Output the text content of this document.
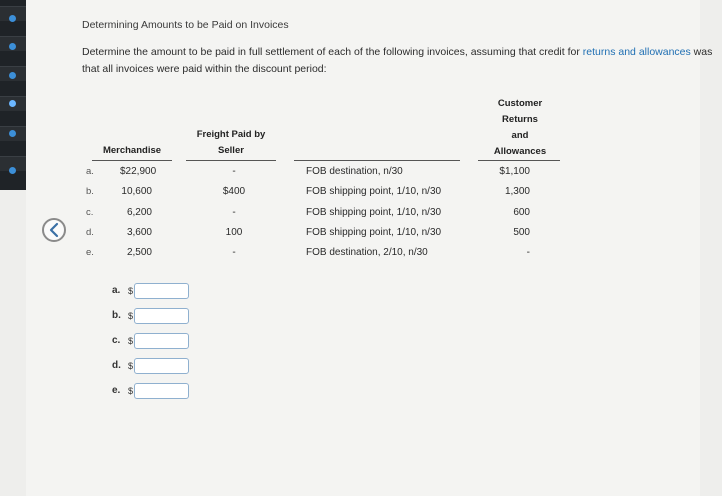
Determining Amounts to be Paid on Invoices
Determine the amount to be paid in full settlement of each of the following invoices, assuming that credit for returns and allowances was
that all invoices were paid within the discount period:
Merchandise
Freight Paid by
Seller
Customer
Returns
and
Allowances
a.	$22,900	-	FOB destination, n/30	$1,100
b.	10,600	$400	FOB shipping point, 1/10, n/30	1,300
c.	6,200	-	FOB shipping point, 1/10, n/30	600
d.	3,600	100	FOB shipping point, 1/10, n/30	500
e.	2,500	-	FOB destination, 2/10, n/30	-
a. $
b. $
c. $
d. $
e. $
